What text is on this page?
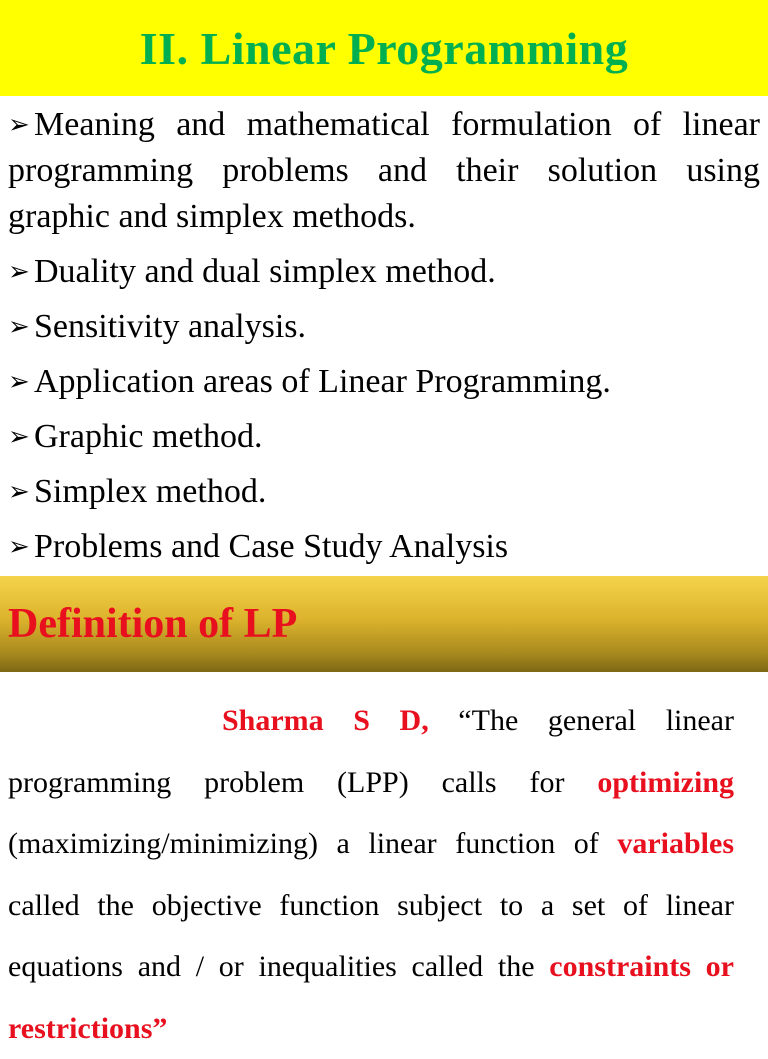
II. Linear Programming
➢ Meaning and mathematical formulation of linear programming problems and their solution using graphic and simplex methods.
➢ Duality and dual simplex method.
➢ Sensitivity analysis.
➢ Application areas of Linear Programming.
➢ Graphic method.
➢ Simplex method.
➢ Problems and Case Study Analysis
Definition of LP

Sharma S D, “The general linear programming problem (LPP) calls for optimizing (maximizing/minimizing) a linear function of variables called the objective function subject to a set of linear equations and / or inequalities called the constraints or restrictions”
